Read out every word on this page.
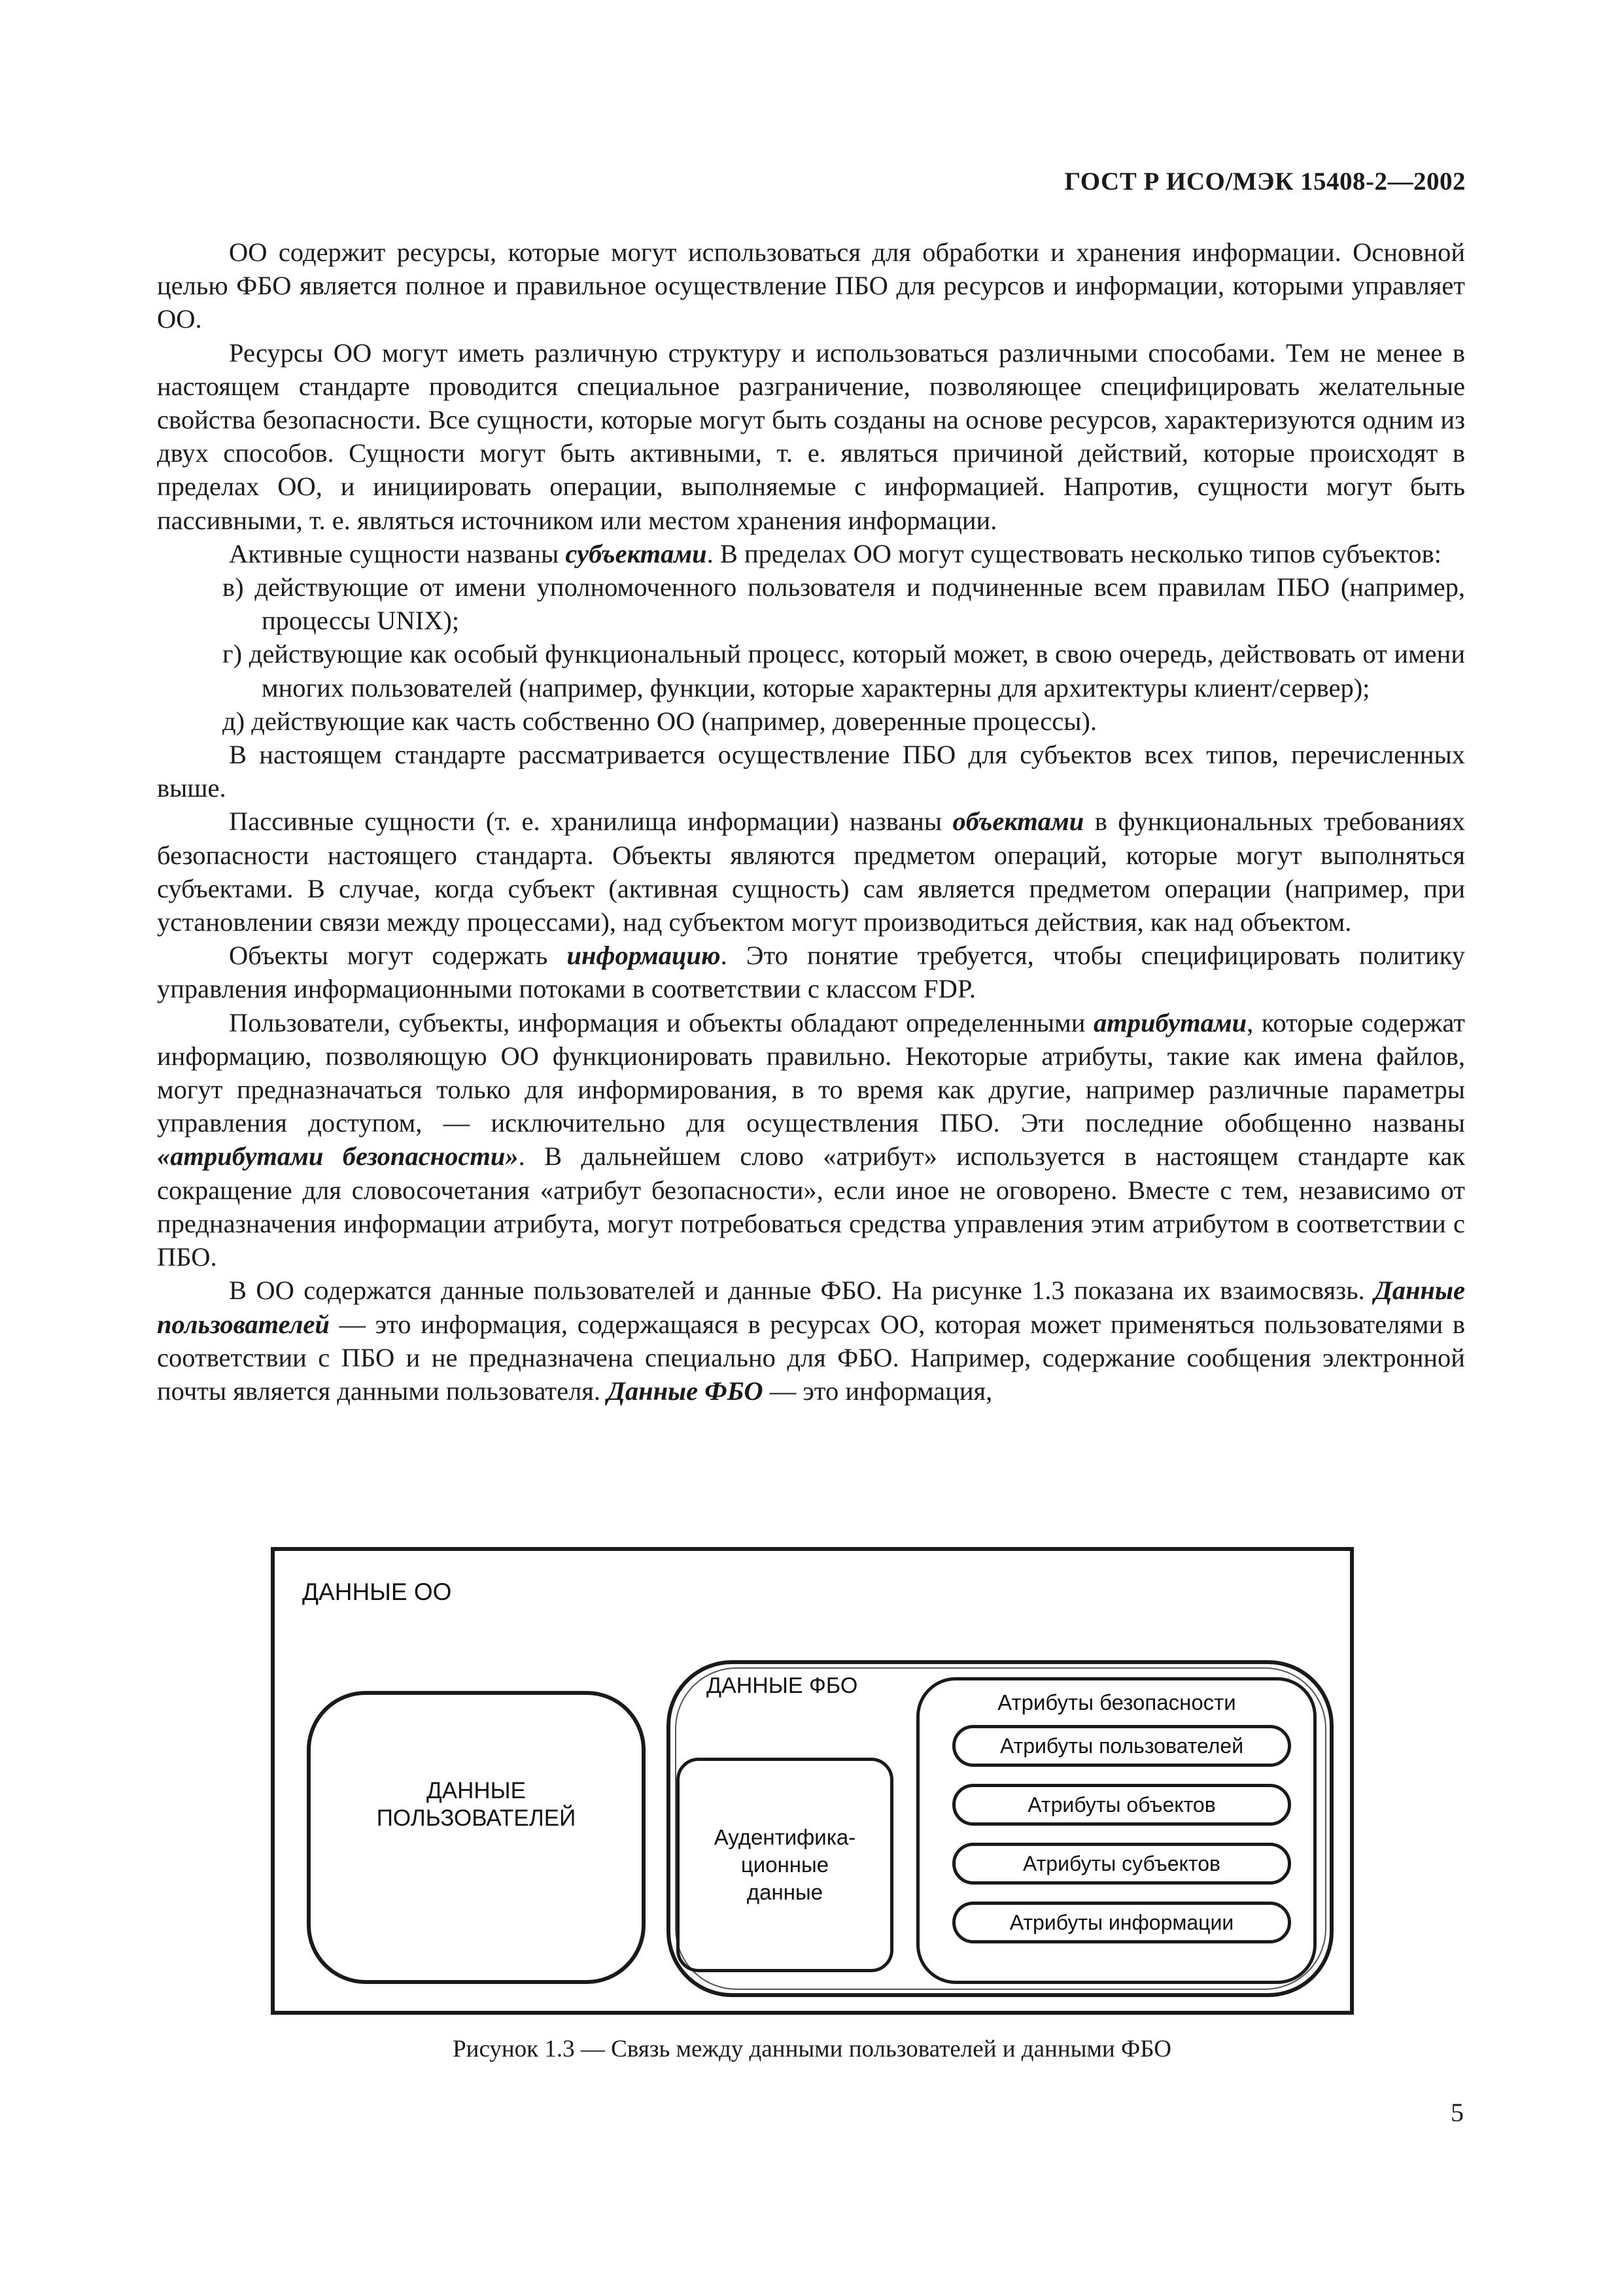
ГОСТ Р ИСО/МЭК 15408-2—2002

ОО содержит ресурсы, которые могут использоваться для обработки и хранения информации. Основной целью ФБО является полное и правильное осуществление ПБО для ресурсов и информации, которыми управляет ОО.

Ресурсы ОО могут иметь различную структуру и использоваться различными способами. Тем не менее в настоящем стандарте проводится специальное разграничение, позволяющее специфицировать желательные свойства безопасности. Все сущности, которые могут быть созданы на основе ресурсов, характеризуются одним из двух способов. Сущности могут быть активными, т. е. являться причиной действий, которые происходят в пределах ОО, и инициировать операции, выполняемые с информацией. Напротив, сущности могут быть пассивными, т. е. являться источником или местом хранения информации.

Активные сущности названы субъектами. В пределах ОО могут существовать несколько типов субъектов:

в) действующие от имени уполномоченного пользователя и подчиненные всем правилам ПБО (например, процессы UNIX);

г) действующие как особый функциональный процесс, который может, в свою очередь, действовать от имени многих пользователей (например, функции, которые характерны для архитектуры клиент/сервер);

д) действующие как часть собственно ОО (например, доверенные процессы).

В настоящем стандарте рассматривается осуществление ПБО для субъектов всех типов, перечисленных выше.

Пассивные сущности (т. е. хранилища информации) названы объектами в функциональных требованиях безопасности настоящего стандарта. Объекты являются предметом операций, которые могут выполняться субъектами. В случае, когда субъект (активная сущность) сам является предметом операции (например, при установлении связи между процессами), над субъектом могут производиться действия, как над объектом.

Объекты могут содержать информацию. Это понятие требуется, чтобы специфицировать политику управления информационными потоками в соответствии с классом FDP.

Пользователи, субъекты, информация и объекты обладают определенными атрибутами, которые содержат информацию, позволяющую ОО функционировать правильно. Некоторые атрибуты, такие как имена файлов, могут предназначаться только для информирования, в то время как другие, например различные параметры управления доступом, — исключительно для осуществления ПБО. Эти последние обобщенно названы «атрибутами безопасности». В дальнейшем слово «атрибут» используется в настоящем стандарте как сокращение для словосочетания «атрибут безопасности», если иное не оговорено. Вместе с тем, независимо от предназначения информации атрибута, могут потребоваться средства управления этим атрибутом в соответствии с ПБО.

В ОО содержатся данные пользователей и данные ФБО. На рисунке 1.3 показана их взаимосвязь. Данные пользователей — это информация, содержащаяся в ресурсах ОО, которая может применяться пользователями в соответствии с ПБО и не предназначена специально для ФБО. Например, содержание сообщения электронной почты является данными пользователя. Данные ФБО — это информация,

ДАННЫЕ ОО
ДАННЫЕ
ПОЛЬЗОВАТЕЛЕЙ
ДАННЫЕ ФБО
Аудентифика-
ционные
данные
Атрибуты безопасности
Атрибуты пользователей
Атрибуты объектов
Атрибуты субъектов
Атрибуты информации
Рисунок 1.3 — Связь между данными пользователей и данными ФБО
5
